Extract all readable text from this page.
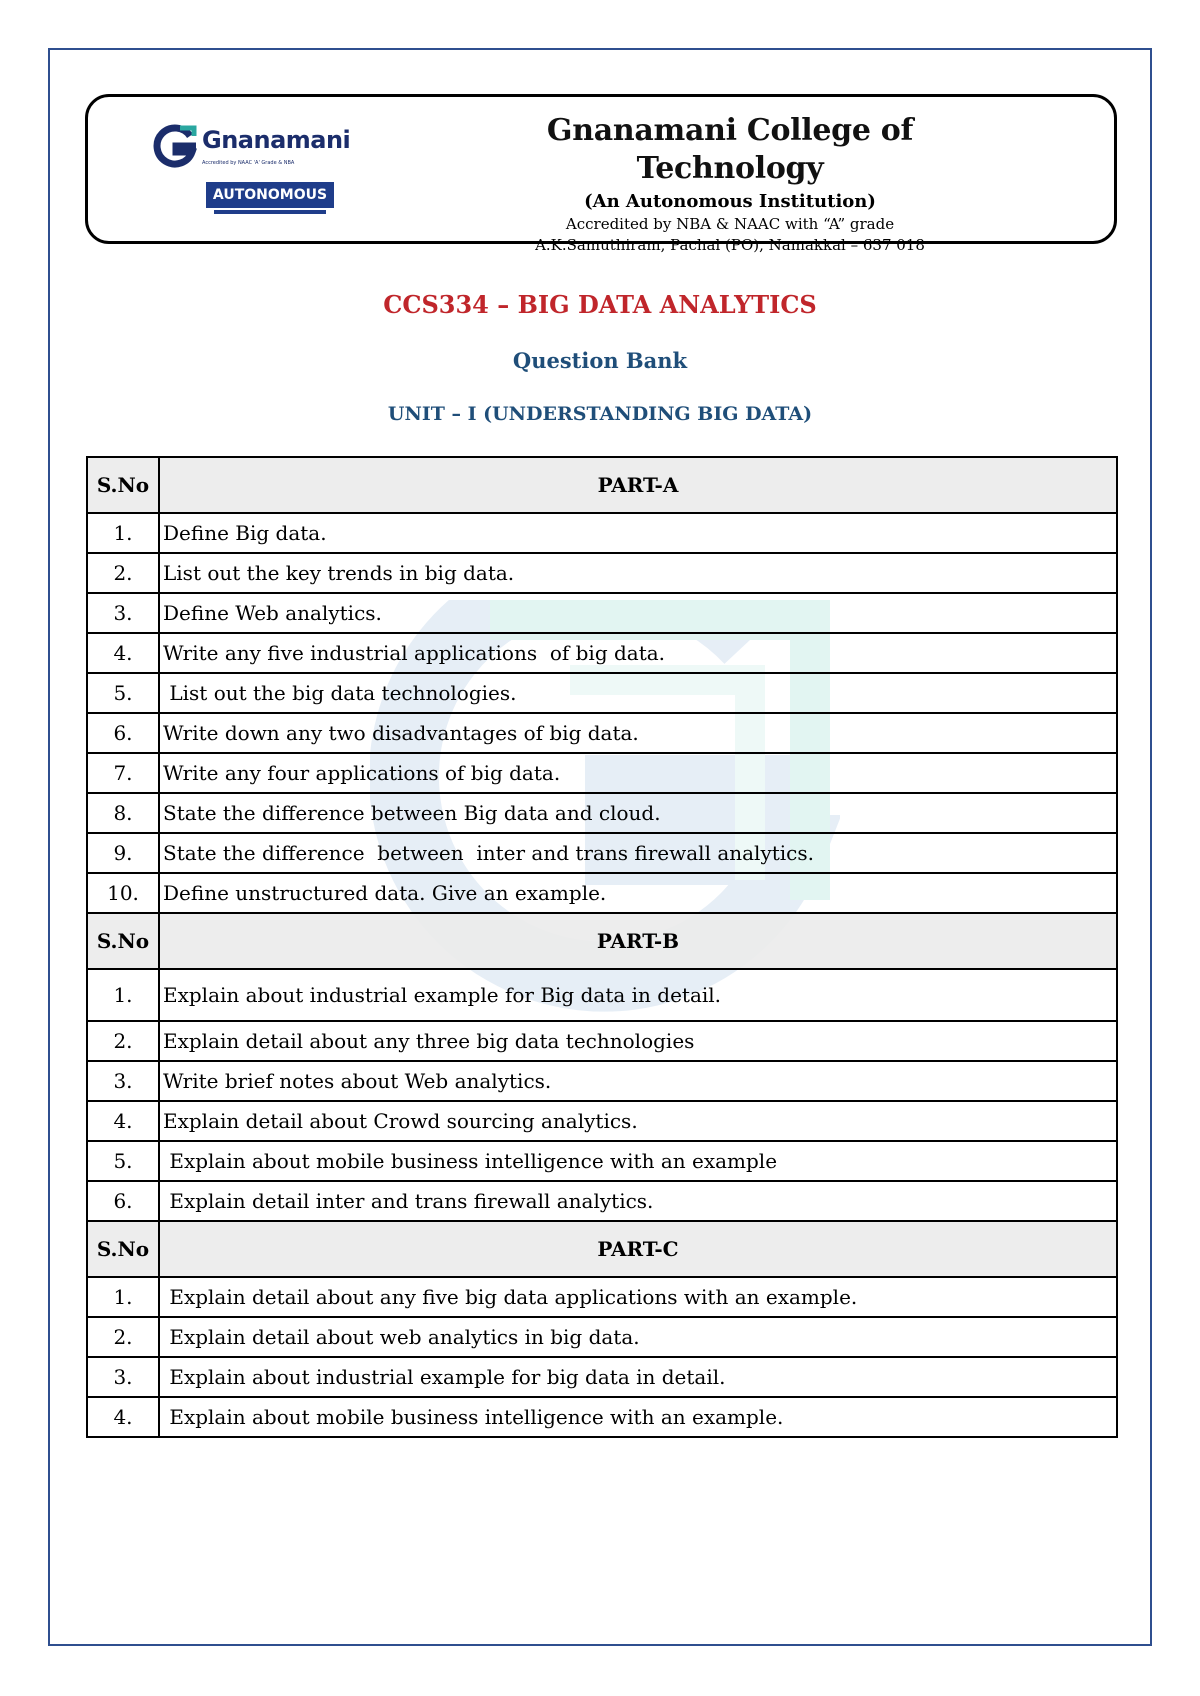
Gnanamani
Accredited by NAAC 'A' Grade & NBA
AUTONOMOUS
Gnanamani College of Technology
(An Autonomous Institution)
Accredited by NBA & NAAC with “A” grade
A.K.Samuthiram, Pachal (PO), Namakkal – 637 018
CCS334 – BIG DATA ANALYTICS
Question Bank
UNIT – I (UNDERSTANDING BIG DATA)
S.No	PART-A
1.	Define Big data.
2.	List out the key trends in big data.
3.	Define Web analytics.
4.	Write any five industrial applications  of big data.
5.	List out the big data technologies.
6.	Write down any two disadvantages of big data.
7.	Write any four applications of big data.
8.	State the difference between Big data and cloud.
9.	State the difference  between  inter and trans firewall analytics.
10.	Define unstructured data. Give an example.
S.No	PART-B
1.	Explain about industrial example for Big data in detail.
2.	Explain detail about any three big data technologies
3.	Write brief notes about Web analytics.
4.	Explain detail about Crowd sourcing analytics.
5.	Explain about mobile business intelligence with an example
6.	Explain detail inter and trans firewall analytics.
S.No	PART-C
1.	Explain detail about any five big data applications with an example.
2.	Explain detail about web analytics in big data.
3.	Explain about industrial example for big data in detail.
4.	Explain about mobile business intelligence with an example.
